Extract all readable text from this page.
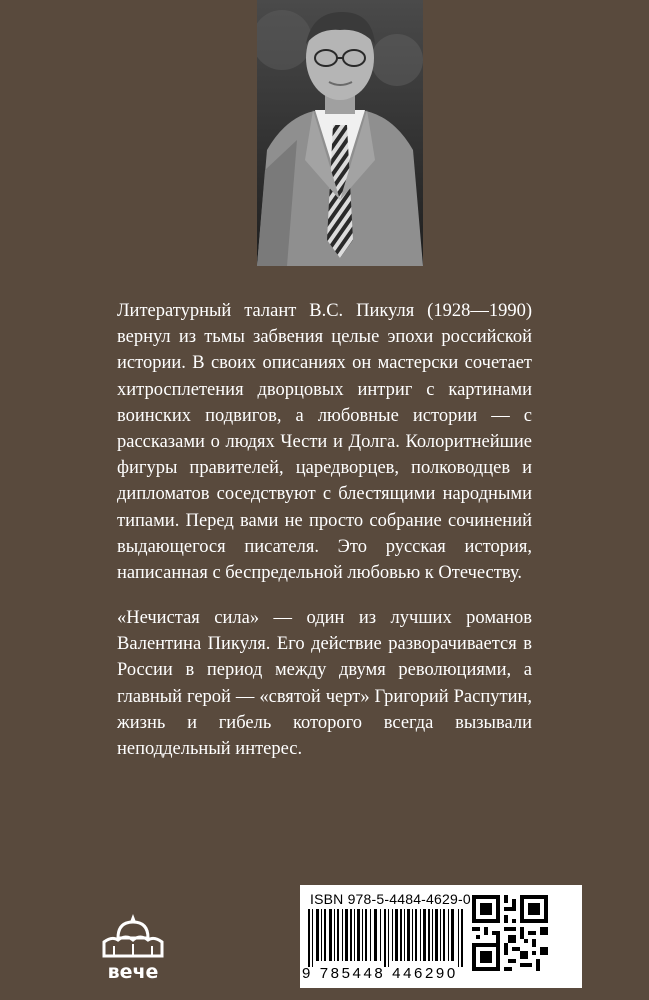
Литературный талант В.С. Пикуля (1928—1990) вернул из тьмы забвения целые эпохи российской истории. В своих описаниях он мастерски сочетает хитросплетения дворцовых интриг с картинами воинских подвигов, а любовные истории — с рассказами о людях Чести и Долга. Колоритнейшие фигуры правителей, царедворцев, полководцев и дипломатов соседствуют с блестящими народными типами. Перед вами не просто собрание сочинений выдающегося писателя. Это русская история, написанная с беспредельной любовью к Отечеству.

«Нечистая сила» — один из лучших романов Валентина Пикуля. Его действие разворачивается в России в период между двумя революциями, а главный герой — «святой черт» Григорий Распутин, жизнь и гибель которого всегда вызывали неподдельный интерес.

вече
ISBN 978-5-4484-4629-0
9 785448 446290
